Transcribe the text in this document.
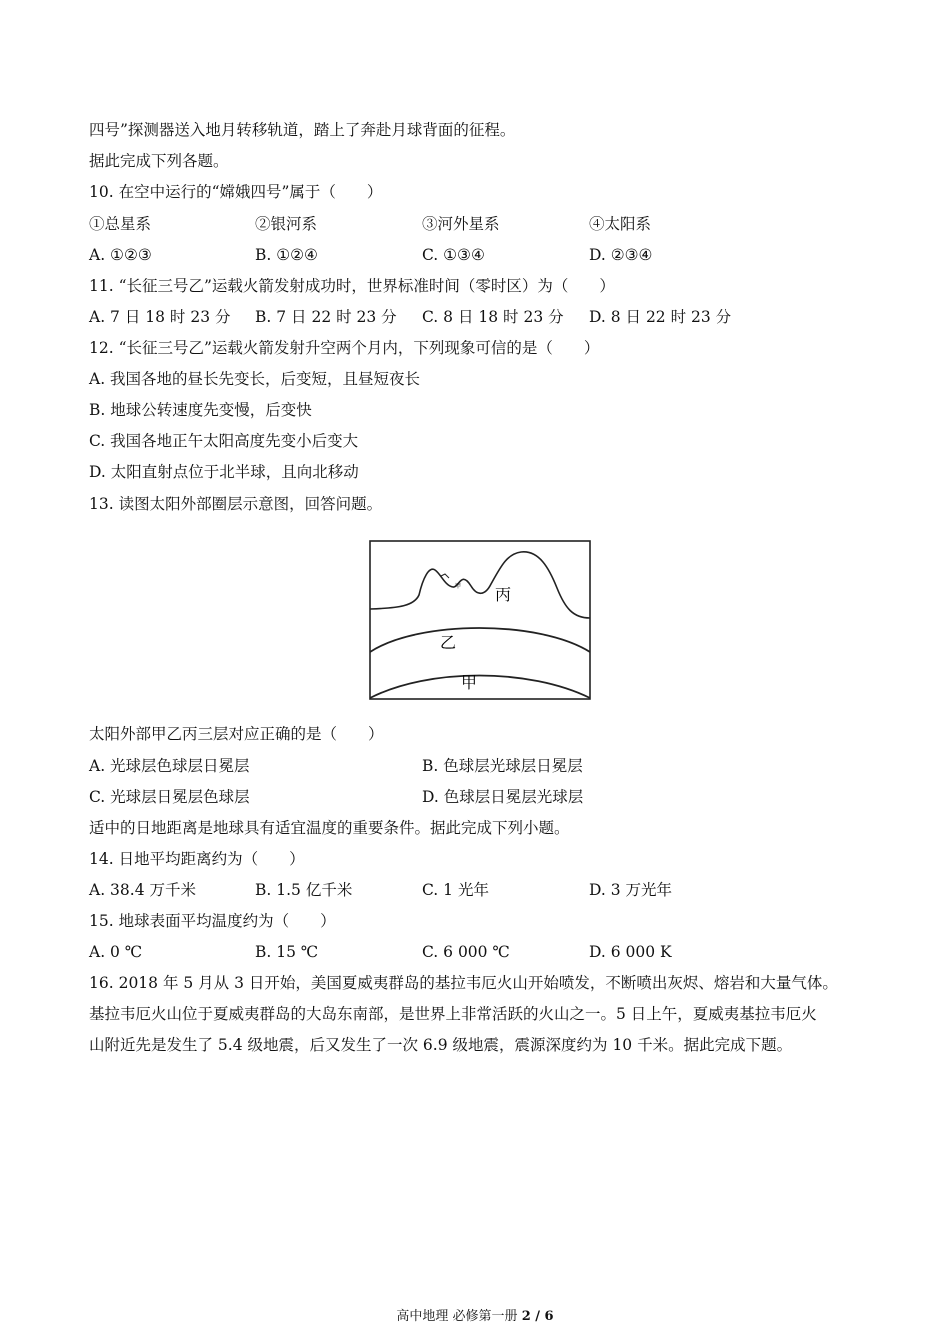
四号”探测器送入地月转移轨道，踏上了奔赴月球背面的征程。
据此完成下列各题。
10. 在空中运行的“嫦娥四号”属于（　　）
①总星系	②银河系	③河外星系	④太阳系
A. ①②③	B. ①②④	C. ①③④	D. ②③④
11. “长征三号乙”运载火箭发射成功时，世界标准时间（零时区）为（　　）
A. 7 日 18 时 23 分 B. 7 日 22 时 23 分 C. 8 日 18 时 23 分 D. 8 日 22 时 23 分
12. “长征三号乙”运载火箭发射升空两个月内，下列现象可信的是（　　）
A. 我国各地的昼长先变长，后变短，且昼短夜长
B. 地球公转速度先变慢，后变快
C. 我国各地正午太阳高度先变小后变大
D. 太阳直射点位于北半球，且向北移动
13. 读图太阳外部圈层示意图，回答问题。
甲 丙
乙
甲
太阳外部甲乙丙三层对应正确的是（　　）
A. 光球层色球层日冕层	B. 色球层光球层日冕层
C. 光球层日冕层色球层	D. 色球层日冕层光球层
适中的日地距离是地球具有适宜温度的重要条件。据此完成下列小题。
14. 日地平均距离约为（　　）
A. 38.4 万千米	B. 1.5 亿千米	C. 1 光年	D. 3 万光年
15. 地球表面平均温度约为（　　）
A. 0 ℃	B. 15 ℃	C. 6 000 ℃	D. 6 000 K
16. 2018 年 5 月从 3 日开始，美国夏威夷群岛的基拉韦厄火山开始喷发，不断喷出灰烬、熔岩和大量气体。
基拉韦厄火山位于夏威夷群岛的大岛东南部，是世界上非常活跃的火山之一。5 日上午，夏威夷基拉韦厄火
山附近先是发生了 5.4 级地震，后又发生了一次 6.9 级地震，震源深度约为 10 千米。据此完成下题。
高中地理 必修第一册 2 / 6
